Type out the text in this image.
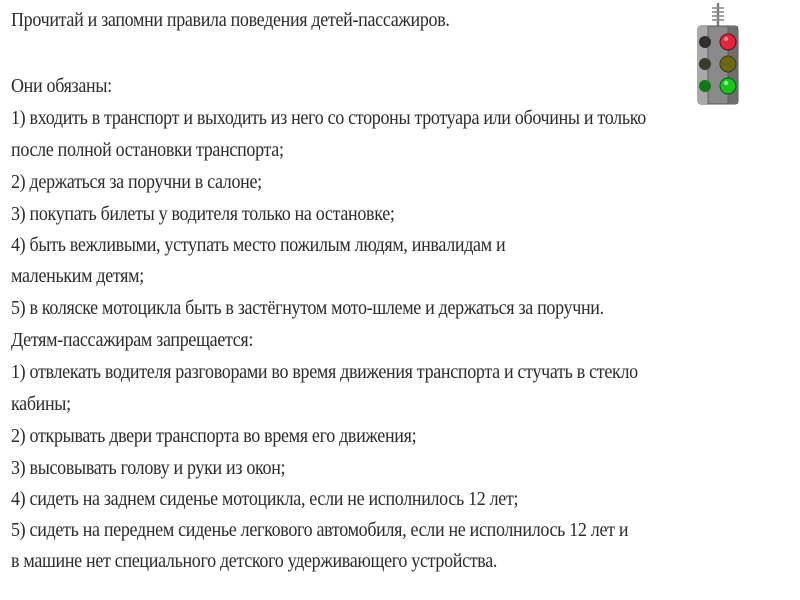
Прочитай и запомни правила поведения детей-пассажиров.
Они обязаны:
1) входить в транспорт и выходить из него со стороны тротуара или обочины и только
после полной остановки транспорта;
2) держаться за поручни в салоне;
3) покупать билеты у водителя только на остановке;
4) быть вежливыми, уступать место пожилым людям, инвалидам и
маленьким детям;
5) в коляске мотоцикла быть в застёгнутом мото-шлеме и держаться за поручни.
Детям-пассажирам запрещается:
1) отвлекать водителя разговорами во время движения транспорта и стучать в стекло
кабины;
2) открывать двери транспорта во время его движения;
3) высовывать голову и руки из окон;
4) сидеть на заднем сиденье мотоцикла, если не исполнилось 12 лет;
5) сидеть на переднем сиденье легкового автомобиля, если не исполнилось 12 лет и
в машине нет специального детского удерживающего устройства.
